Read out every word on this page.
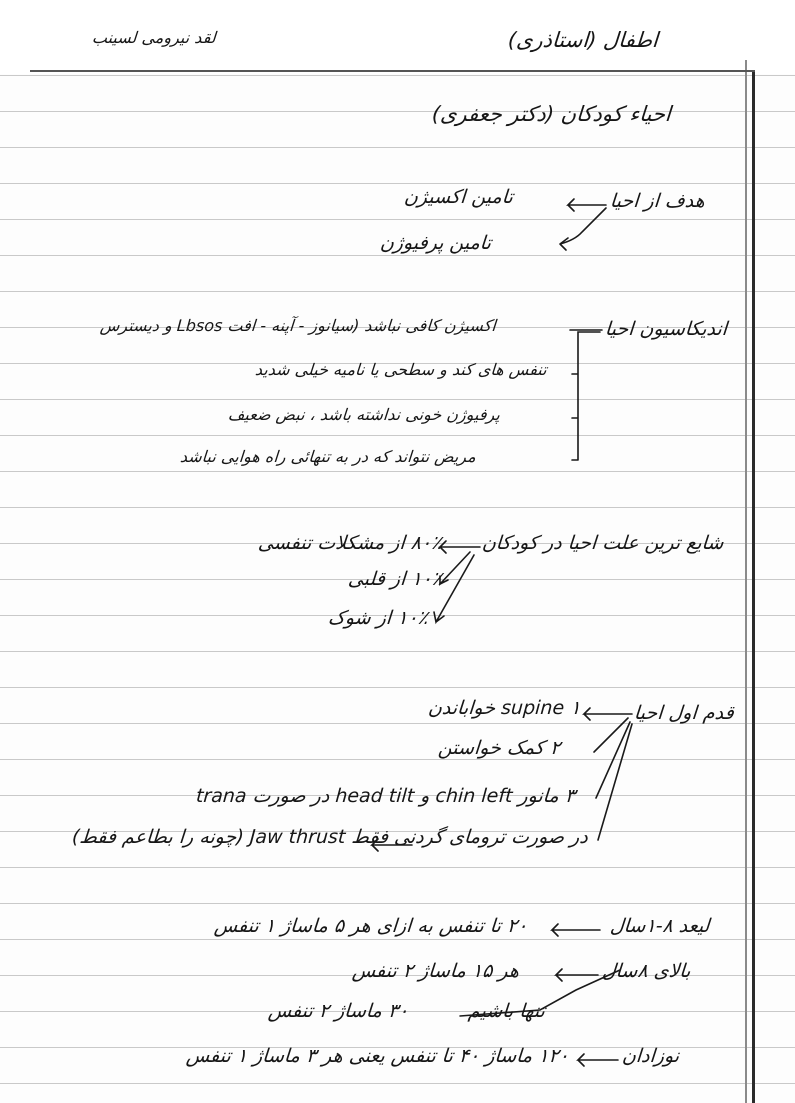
لقد نیرومی لسینب	اطفال (استاذری)
احیاء کودکان (دکتر جعفری)
هدف از احیا
تامین اکسیژن
تامین پرفیوژن
اندیکاسیون احیا
اکسیژن کافی نباشد (سیانوز - آپنه - افت Lbsos و دیسترس
تنفس های کند و سطحی یا نامیه خیلی شدید
پرفیوژن خونی نداشته باشد ، نبض ضعیف
مریض نتواند که در به تنهائی راه هوایی نباشد
شایع ترین علت احیا در کودکان
۸۰٪ از مشکلات تنفسی
۱۰٪ از قلبی
۱۰٪ از شوک
قدم اول احیا
۱ supine خواباندن
۲ کمک خواستن
۳ مانور chin left و head tilt در صورت trana
در صورت ترومای گردنی فقط Jaw thrust (چونه را بطاعم فقط)
لیعد ۸-۱سال
۲۰ تا تنفس به ازای هر ۵ ماساژ ۱ تنفس
بالای ۸سال
هر ۱۵ ماساژ ۲ تنفس
تنها باشیم
۳۰ ماساژ ۲ تنفس
نوزادان
۱۲۰ ماساژ ۴۰ تا تنفس یعنی هر ۳ ماساژ ۱ تنفس
